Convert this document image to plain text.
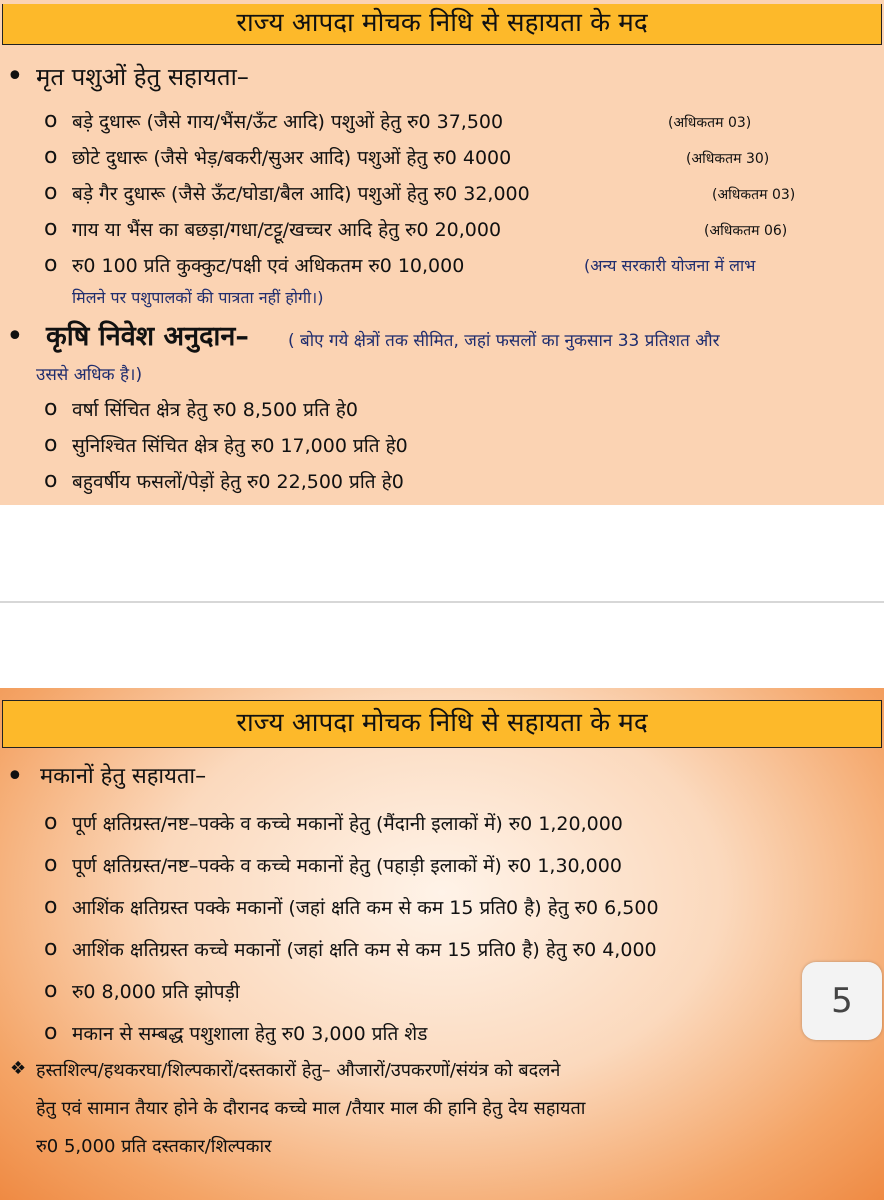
राज्य आपदा मोचक निधि से सहायता के मद
• मृत पशुओं हेतु सहायता–
o बड़े दुधारू (जैसे गाय/भैंस/ऊँट आदि) पशुओं हेतु रु0 37,500	(अधिकतम 03)
o छोटे दुधारू (जैसे भेड़/बकरी/सुअर आदि) पशुओं हेतु रु0 4000	(अधिकतम 30)
o बड़े गैर दुधारू (जैसे ऊँट/घोडा/बैल आदि) पशुओं हेतु रु0 32,000	(अधिकतम 03)
o गाय या भैंस का बछड़ा/गधा/टट्टू/खच्चर आदि हेतु रु0 20,000	(अधिकतम 06)
o रु0 100 प्रति कुक्कुट/पक्षी एवं अधिकतम रु0 10,000	(अन्य सरकारी योजना में लाभ
मिलने पर पशुपालकों की पात्रता नहीं होगी।)
• कृषि निवेश अनुदान– ( बोए गये क्षेत्रों तक सीमित, जहां फसलों का नुकसान 33 प्रतिशत और
उससे अधिक है।)
o वर्षा सिंचित क्षेत्र हेतु रु0 8,500 प्रति हे0
o सुनिश्चित सिंचित क्षेत्र हेतु रु0 17,000 प्रति हे0
o बहुवर्षीय फसलों/पेड़ों हेतु रु0 22,500 प्रति हे0
राज्य आपदा मोचक निधि से सहायता के मद
• मकानों हेतु सहायता–
o पूर्ण क्षतिग्रस्त/नष्ट–पक्के व कच्चे मकानों हेतु (मैंदानी इलाकों में) रु0 1,20,000
o पूर्ण क्षतिग्रस्त/नष्ट–पक्के व कच्चे मकानों हेतु (पहाड़ी इलाकों में) रु0 1,30,000
o आशिंक क्षतिग्रस्त पक्के मकानों (जहां क्षति कम से कम 15 प्रति0 है) हेतु रु0 6,500
o आशिंक क्षतिग्रस्त कच्चे मकानों (जहां क्षति कम से कम 15 प्रति0 है) हेतु रु0 4,000
o रु0 8,000 प्रति झोपड़ी
o मकान से सम्बद्ध पशुशाला हेतु रु0 3,000 प्रति शेड
❖ हस्तशिल्प/हथकरघा/शिल्पकारों/दस्तकारों हेतु– औजारों/उपकरणों/संयंत्र को बदलने
हेतु एवं सामान तैयार होने के दौरानद कच्चे माल /तैयार माल की हानि हेतु देय सहायता
रु0 5,000 प्रति दस्तकार/शिल्पकार
5
